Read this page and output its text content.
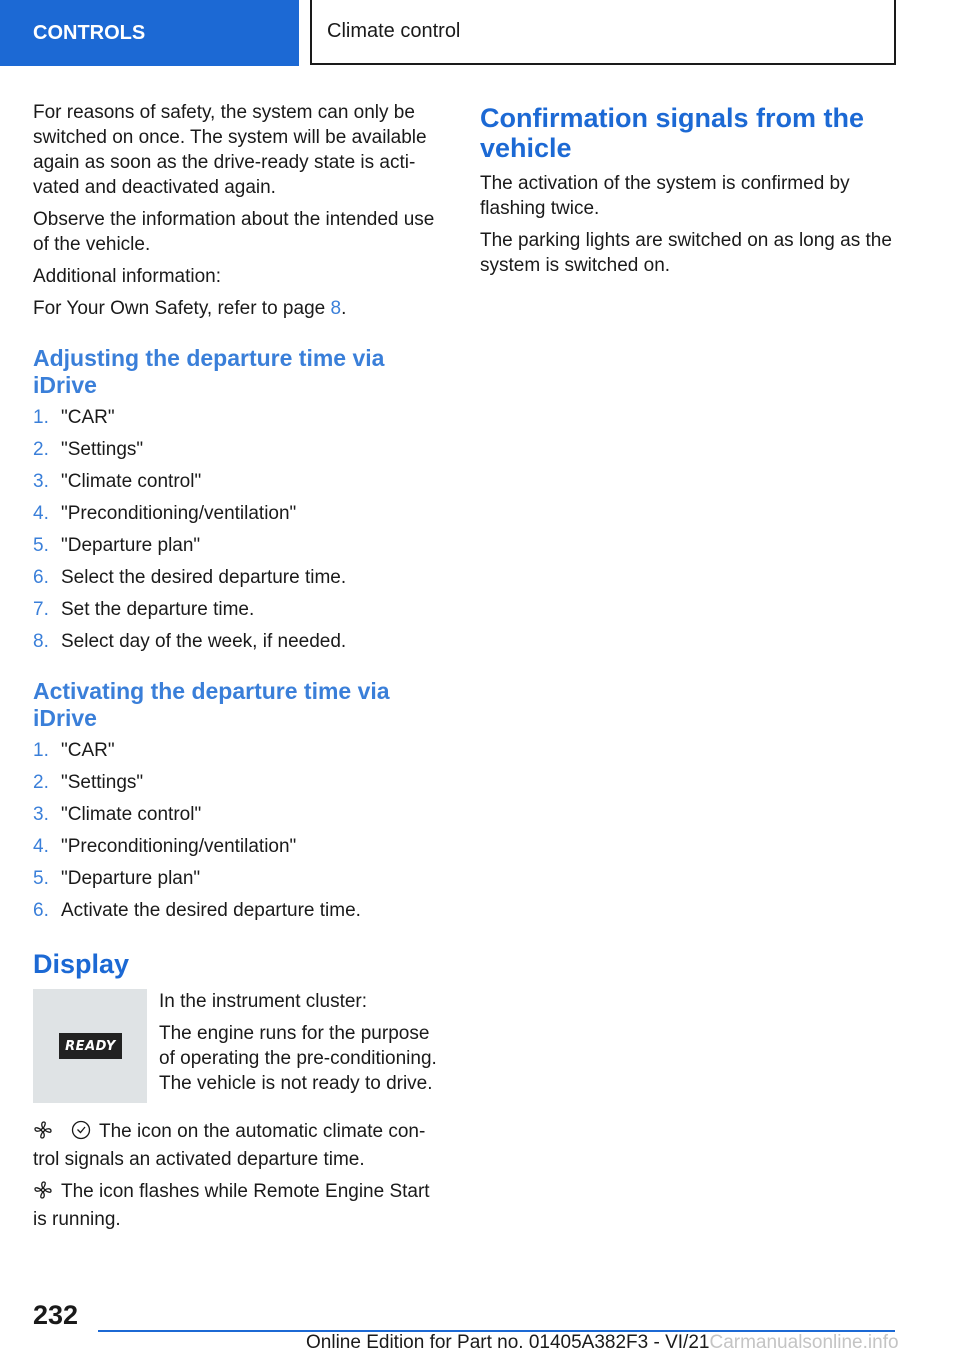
CONTROLS	Climate control

For reasons of safety, the system can only be switched on once. The system will be available again as soon as the drive-ready state is acti-vated and deactivated again.

Observe the information about the intended use of the vehicle.

Additional information:

For Your Own Safety, refer to page 8.

Adjusting the departure time via iDrive
1. "CAR"
2. "Settings"
3. "Climate control"
4. "Preconditioning/ventilation"
5. "Departure plan"
6. Select the desired departure time.
7. Set the departure time.
8. Select day of the week, if needed.
Activating the departure time via iDrive
1. "CAR"
2. "Settings"
3. "Climate control"
4. "Preconditioning/ventilation"
5. "Departure plan"
6. Activate the desired departure time.
Display
READY

In the instrument cluster:

The engine runs for the purpose of operating the pre-conditioning. The vehicle is not ready to drive.

The icon on the automatic climate con-trol signals an activated departure time.

The icon flashes while Remote Engine Start is running.

Confirmation signals from the vehicle

The activation of the system is confirmed by flashing twice.

The parking lights are switched on as long as the system is switched on.

232
Online Edition for Part no. 01405A382F3 - VI/21Carmanualsonline.info
